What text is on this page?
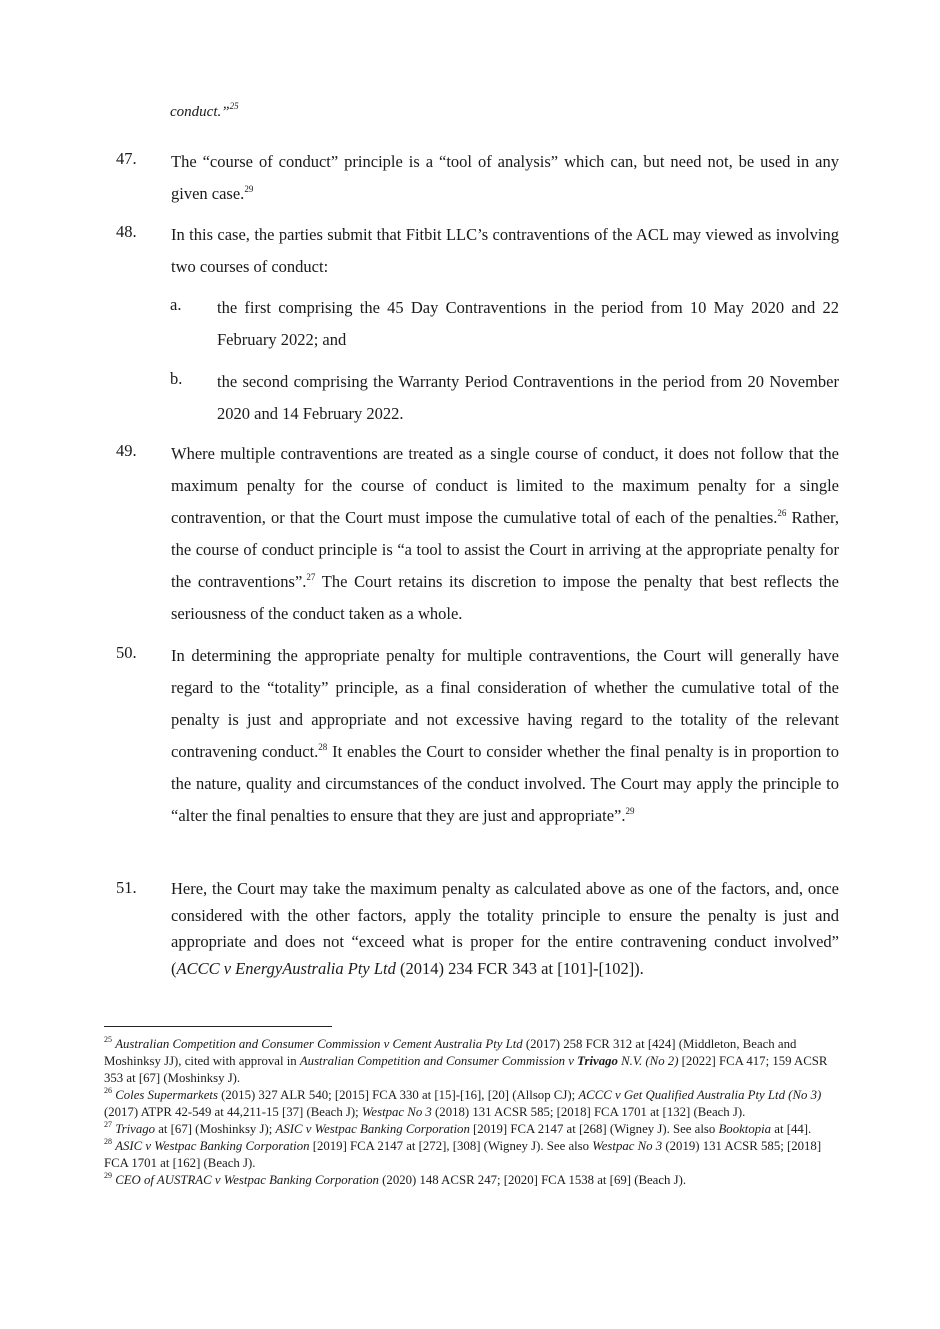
conduct.”$^{25}$
47. The “course of conduct” principle is a “tool of analysis” which can, but need not, be used in any given case.$^{29}$
48. In this case, the parties submit that Fitbit LLC’s contraventions of the ACL may viewed as involving two courses of conduct:
a. the first comprising the 45 Day Contraventions in the period from 10 May 2020 and 22 February 2022; and
b. the second comprising the Warranty Period Contraventions in the period from 20 November 2020 and 14 February 2022.
49. Where multiple contraventions are treated as a single course of conduct, it does not follow that the maximum penalty for the course of conduct is limited to the maximum penalty for a single contravention, or that the Court must impose the cumulative total of each of the penalties.$^{26}$ Rather, the course of conduct principle is “a tool to assist the Court in arriving at the appropriate penalty for the contraventions”.$^{27}$ The Court retains its discretion to impose the penalty that best reflects the seriousness of the conduct taken as a whole.
50. In determining the appropriate penalty for multiple contraventions, the Court will generally have regard to the “totality” principle, as a final consideration of whether the cumulative total of the penalty is just and appropriate and not excessive having regard to the totality of the relevant contravening conduct.$^{28}$ It enables the Court to consider whether the final penalty is in proportion to the nature, quality and circumstances of the conduct involved. The Court may apply the principle to “alter the final penalties to ensure that they are just and appropriate”.$^{29}$
51. Here, the Court may take the maximum penalty as calculated above as one of the factors, and, once considered with the other factors, apply the totality principle to ensure the penalty is just and appropriate and does not “exceed what is proper for the entire contravening conduct involved” (ACCC v EnergyAustralia Pty Ltd (2014) 234 FCR 343 at [101]-[102]).

$^{25}$ Australian Competition and Consumer Commission v Cement Australia Pty Ltd (2017) 258 FCR 312 at [424] (Middleton, Beach and Moshinksy JJ), cited with approval in Australian Competition and Consumer Commission v Trivago N.V. (No 2) [2022] FCA 417; 159 ACSR 353 at [67] (Moshinksy J).

$^{26}$ Coles Supermarkets (2015) 327 ALR 540; [2015] FCA 330 at [15]-[16], [20] (Allsop CJ); ACCC v Get Qualified Australia Pty Ltd (No 3) (2017) ATPR 42-549 at 44,211-15 [37] (Beach J); Westpac No 3 (2018) 131 ACSR 585; [2018] FCA 1701 at [132] (Beach J).

$^{27}$ Trivago at [67] (Moshinksy J); ASIC v Westpac Banking Corporation [2019] FCA 2147 at [268] (Wigney J). See also Booktopia at [44].

$^{28}$ ASIC v Westpac Banking Corporation [2019] FCA 2147 at [272], [308] (Wigney J). See also Westpac No 3 (2019) 131 ACSR 585; [2018] FCA 1701 at [162] (Beach J).

$^{29}$ CEO of AUSTRAC v Westpac Banking Corporation (2020) 148 ACSR 247; [2020] FCA 1538 at [69] (Beach J).
